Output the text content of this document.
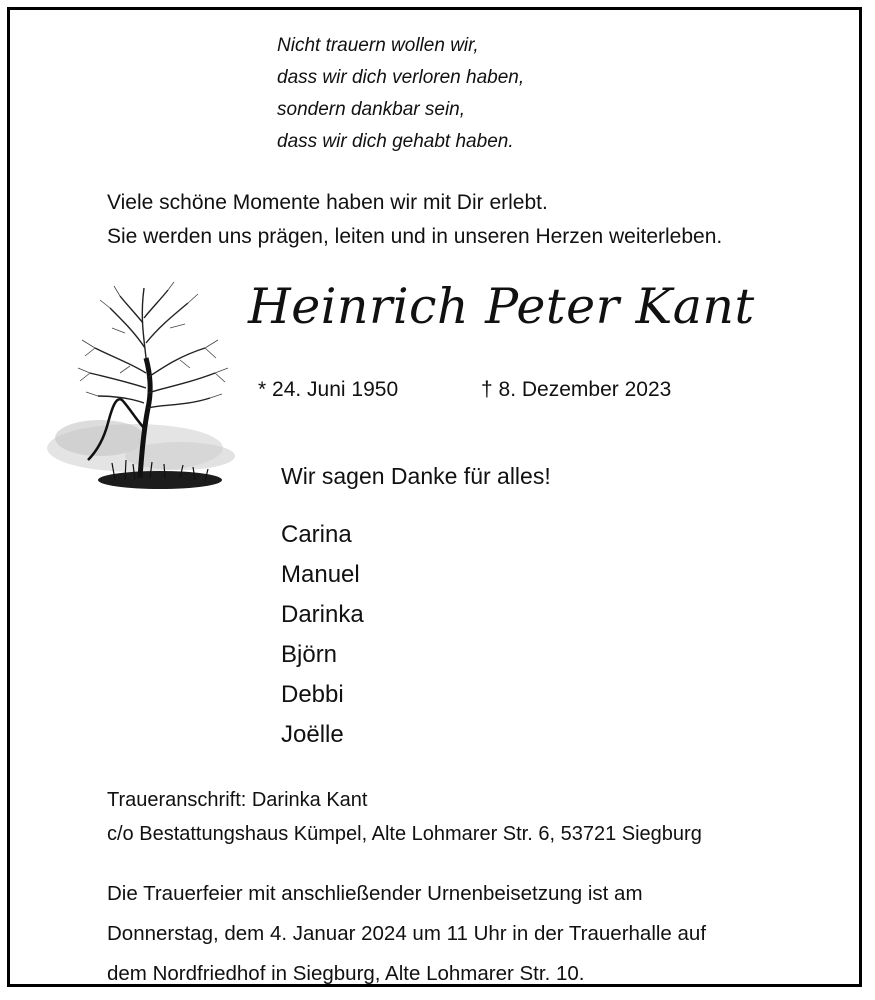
Nicht trauern wollen wir,
dass wir dich verloren haben,
sondern dankbar sein,
dass wir dich gehabt haben.
Viele schöne Momente haben wir mit Dir erlebt.
Sie werden uns prägen, leiten und in unseren Herzen weiterleben.
Heinrich Peter Kant
* 24. Juni 1950	† 8. Dezember 2023
Wir sagen Danke für alles!
Carina
Manuel
Darinka
Björn
Debbi
Joëlle
Traueranschrift: Darinka Kant
c/o Bestattungshaus Kümpel, Alte Lohmarer Str. 6, 53721 Siegburg
Die Trauerfeier mit anschließender Urnenbeisetzung ist am
Donnerstag, dem 4. Januar 2024 um 11 Uhr in der Trauerhalle auf
dem Nordfriedhof in Siegburg, Alte Lohmarer Str. 10.
